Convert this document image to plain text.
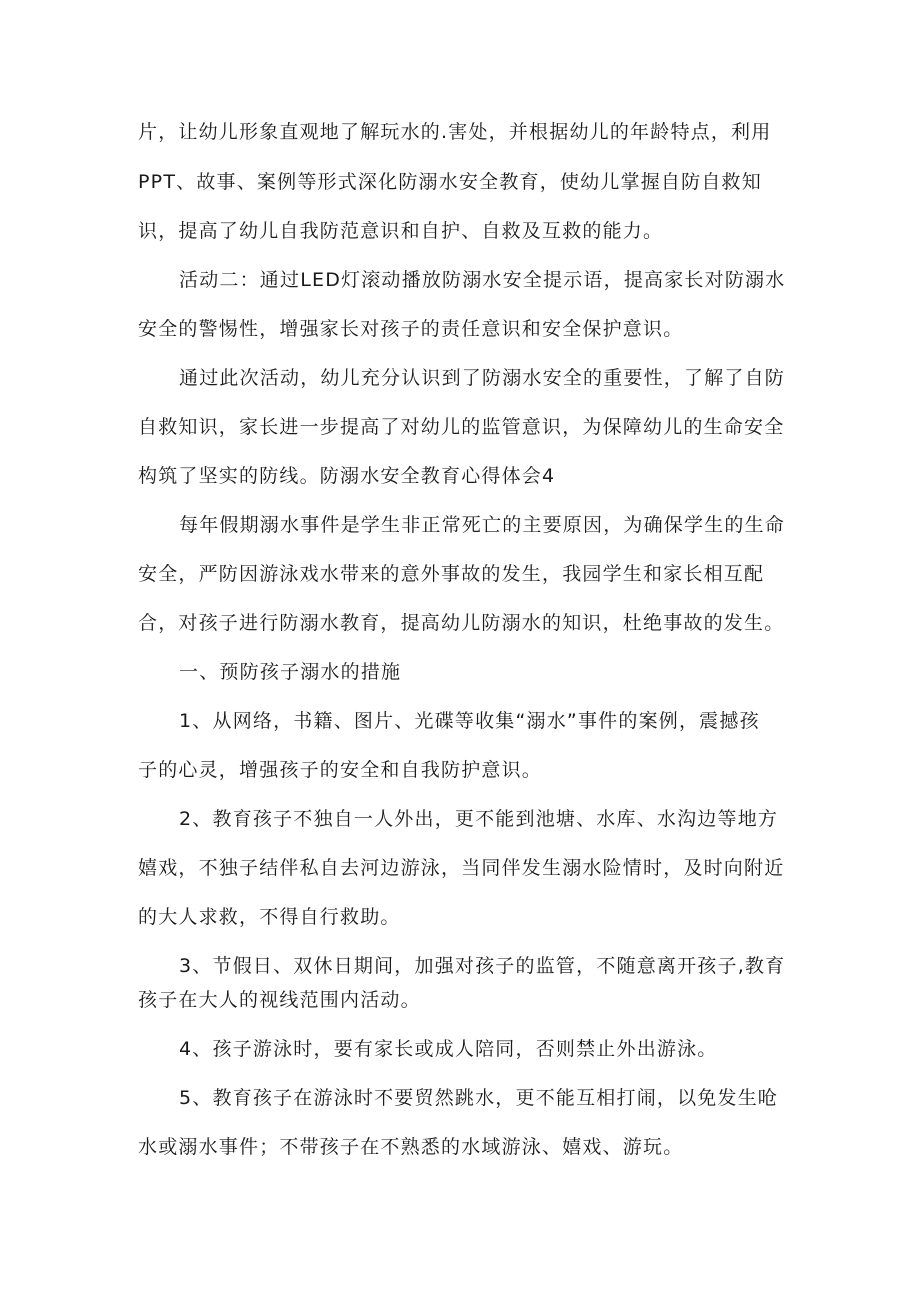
片，让幼儿形象直观地了解玩水的.害处，并根据幼儿的年龄特点，利用
PPT、故事、案例等形式深化防溺水安全教育，使幼儿掌握自防自救知
识，提高了幼儿自我防范意识和自护、自救及互救的能力。
活动二：通过LED灯滚动播放防溺水安全提示语，提高家长对防溺水
安全的警惕性，增强家长对孩子的责任意识和安全保护意识。
通过此次活动，幼儿充分认识到了防溺水安全的重要性，了解了自防
自救知识，家长进一步提高了对幼儿的监管意识，为保障幼儿的生命安全
构筑了坚实的防线。防溺水安全教育心得体会4
每年假期溺水事件是学生非正常死亡的主要原因，为确保学生的生命
安全，严防因游泳戏水带来的意外事故的发生，我园学生和家长相互配
合，对孩子进行防溺水教育，提高幼儿防溺水的知识，杜绝事故的发生。
一、预防孩子溺水的措施
1、从网络，书籍、图片、光碟等收集“溺水”事件的案例，震撼孩
子的心灵，增强孩子的安全和自我防护意识。
2、教育孩子不独自一人外出，更不能到池塘、水库、水沟边等地方
嬉戏，不独子结伴私自去河边游泳，当同伴发生溺水险情时，及时向附近
的大人求救，不得自行救助。
3、节假日、双休日期间，加强对孩子的监管，不随意离开孩子,教育
孩子在大人的视线范围内活动。
4、孩子游泳时，要有家长或成人陪同，否则禁止外出游泳。
5、教育孩子在游泳时不要贸然跳水，更不能互相打闹，以免发生呛
水或溺水事件；不带孩子在不熟悉的水域游泳、嬉戏、游玩。
